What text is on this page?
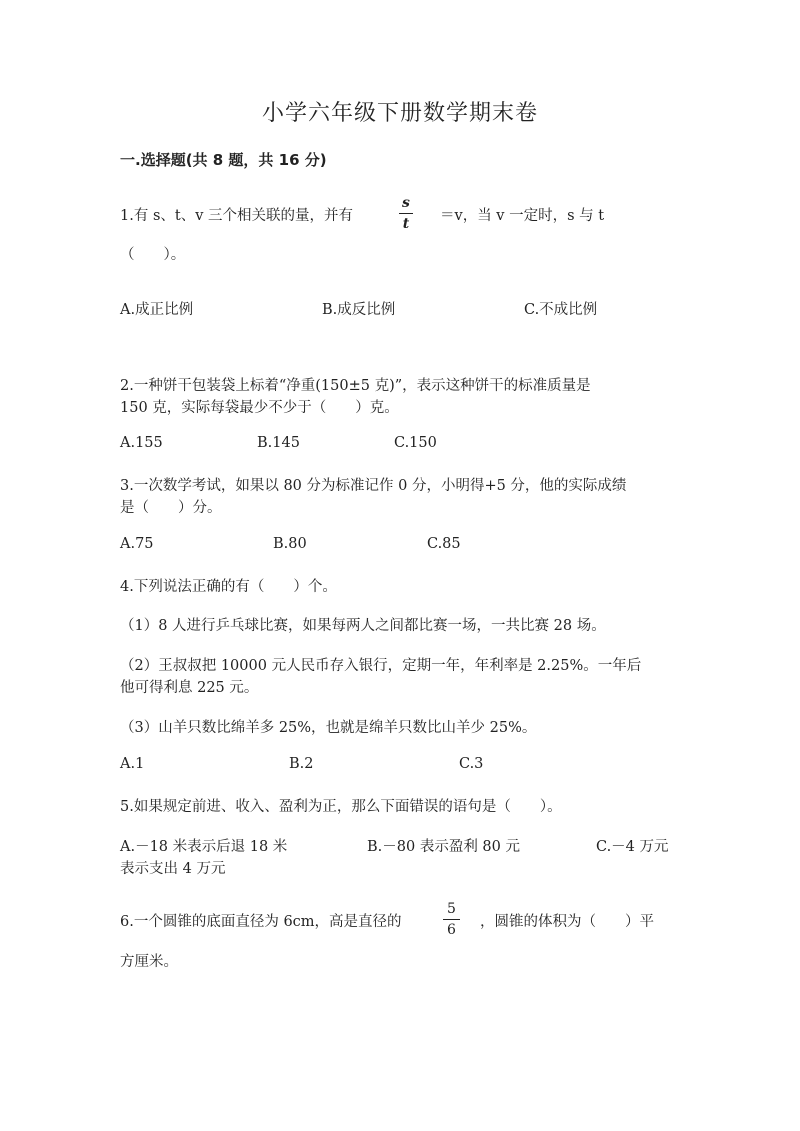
小学六年级下册数学期末卷
一.选择题(共 8 题，共 16 分)
1.有 s、t、v 三个相关联的量，并有	$\frac{s}{t} =v$，当 v 一定时，s 与 t
（　　）。
A.成正比例	B.成反比例	C.不成比例
2.一种饼干包装袋上标着“净重(150±5 克)”，表示这种饼干的标准质量是
150 克，实际每袋最少不少于（　　）克。
A.155	B.145	C.150
3.一次数学考试，如果以 80 分为标准记作 0 分，小明得+5 分，他的实际成绩
是（　　）分。
A.75	B.80	C.85
4.下列说法正确的有（　　）个。
（1）8 人进行乒乓球比赛，如果每两人之间都比赛一场，一共比赛 28 场。
（2）王叔叔把 10000 元人民币存入银行，定期一年，年利率是 2.25%。一年后
他可得利息 225 元。
（3）山羊只数比绵羊多 25%，也就是绵羊只数比山羊少 25%。
A.1	B.2	C.3
5.如果规定前进、收入、盈利为正，那么下面错误的语句是（　　）。
A.－18 米表示后退 18 米	B.－80 表示盈利 80 元	C.－4 万元
表示支出 4 万元
6.一个圆锥的底面直径为 6cm，高是直径的	$\frac{5}{6}$ ，圆锥的体积为（　　）平
方厘米。
